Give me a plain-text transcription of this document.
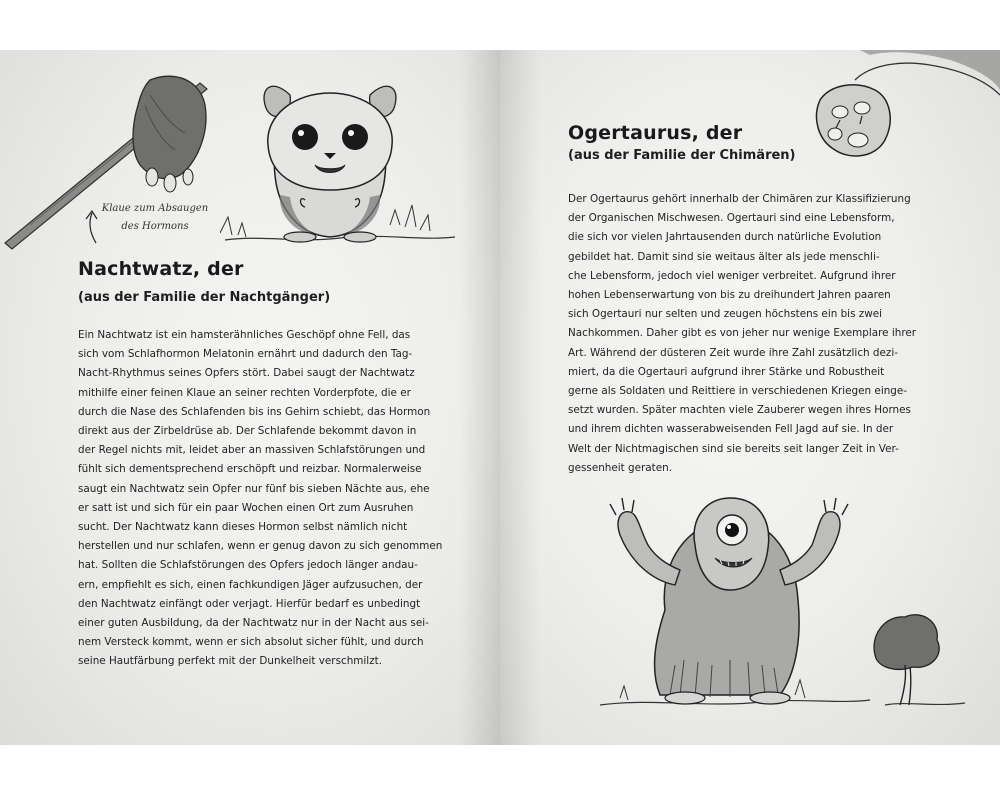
Klaue zum Absaugen
des Hormons
Nachtwatz, der
(aus der Familie der Nachtgänger)
Ein Nachtwatz ist ein hamsterähnliches Geschöpf ohne Fell, das
sich vom Schlafhormon Melatonin ernährt und dadurch den Tag-
Nacht-Rhythmus seines Opfers stört. Dabei saugt der Nachtwatz
mithilfe einer feinen Klaue an seiner rechten Vorderpfote, die er
durch die Nase des Schlafenden bis ins Gehirn schiebt, das Hormon
direkt aus der Zirbeldrüse ab. Der Schlafende bekommt davon in
der Regel nichts mit, leidet aber an massiven Schlafstörungen und
fühlt sich dementsprechend erschöpft und reizbar. Normalerweise
saugt ein Nachtwatz sein Opfer nur fünf bis sieben Nächte aus, ehe
er satt ist und sich für ein paar Wochen einen Ort zum Ausruhen
sucht. Der Nachtwatz kann dieses Hormon selbst nämlich nicht
herstellen und nur schlafen, wenn er genug davon zu sich genommen
hat. Sollten die Schlafstörungen des Opfers jedoch länger andau-
ern, empfiehlt es sich, einen fachkundigen Jäger aufzusuchen, der
den Nachtwatz einfängt oder verjagt. Hierfür bedarf es unbedingt
einer guten Ausbildung, da der Nachtwatz nur in der Nacht aus sei-
nem Versteck kommt, wenn er sich absolut sicher fühlt, und durch
seine Hautfärbung perfekt mit der Dunkelheit verschmilzt.
Ogertaurus, der
(aus der Familie der Chimären)
Der Ogertaurus gehört innerhalb der Chimären zur Klassifizierung
der Organischen Mischwesen. Ogertauri sind eine Lebensform,
die sich vor vielen Jahrtausenden durch natürliche Evolution
gebildet hat. Damit sind sie weitaus älter als jede menschli-
che Lebensform, jedoch viel weniger verbreitet. Aufgrund ihrer
hohen Lebenserwartung von bis zu dreihundert Jahren paaren
sich Ogertauri nur selten und zeugen höchstens ein bis zwei
Nachkommen. Daher gibt es von jeher nur wenige Exemplare ihrer
Art. Während der düsteren Zeit wurde ihre Zahl zusätzlich dezi-
miert, da die Ogertauri aufgrund ihrer Stärke und Robustheit
gerne als Soldaten und Reittiere in verschiedenen Kriegen einge-
setzt wurden. Später machten viele Zauberer wegen ihres Hornes
und ihrem dichten wasserabweisenden Fell Jagd auf sie. In der
Welt der Nichtmagischen sind sie bereits seit langer Zeit in Ver-
gessenheit geraten.
